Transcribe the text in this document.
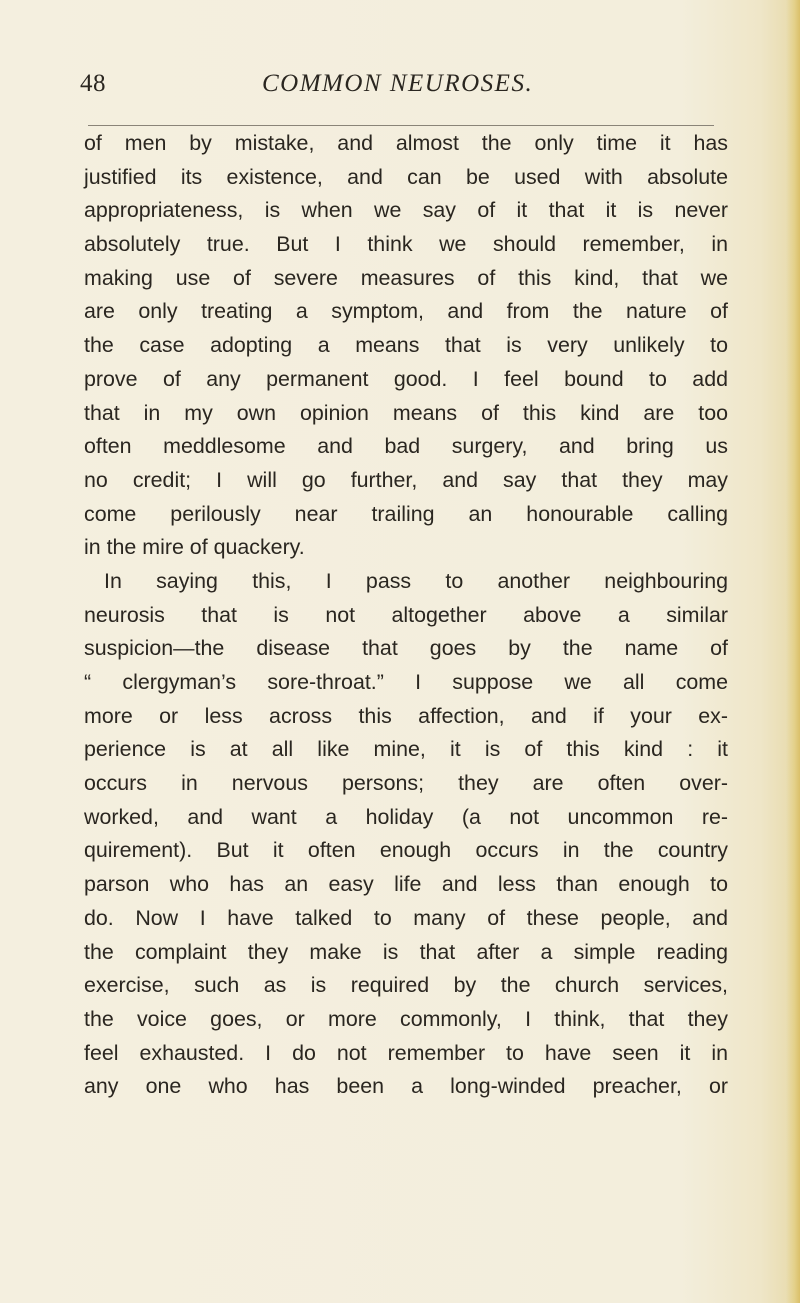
48	COMMON NEUROSES.
of men by mistake, and almost the only time it has
justified its existence, and can be used with absolute
appropriateness, is when we say of it that it is never
absolutely true. But I think we should remember, in
making use of severe measures of this kind, that we
are only treating a symptom, and from the nature of
the case adopting a means that is very unlikely to
prove of any permanent good. I feel bound to add
that in my own opinion means of this kind are too
often meddlesome and bad surgery, and bring us
no credit; I will go further, and say that they may
come perilously near trailing an honourable calling
in the mire of quackery.
In saying this, I pass to another neighbouring
neurosis that is not altogether above a similar
suspicion—the disease that goes by the name of
“ clergyman’s sore-throat.” I suppose we all come
more or less across this affection, and if your ex-
perience is at all like mine, it is of this kind : it
occurs in nervous persons; they are often over-
worked, and want a holiday (a not uncommon re-
quirement). But it often enough occurs in the country
parson who has an easy life and less than enough to
do. Now I have talked to many of these people, and
the complaint they make is that after a simple reading
exercise, such as is required by the church services,
the voice goes, or more commonly, I think, that they
feel exhausted. I do not remember to have seen it in
any one who has been a long-winded preacher, or
